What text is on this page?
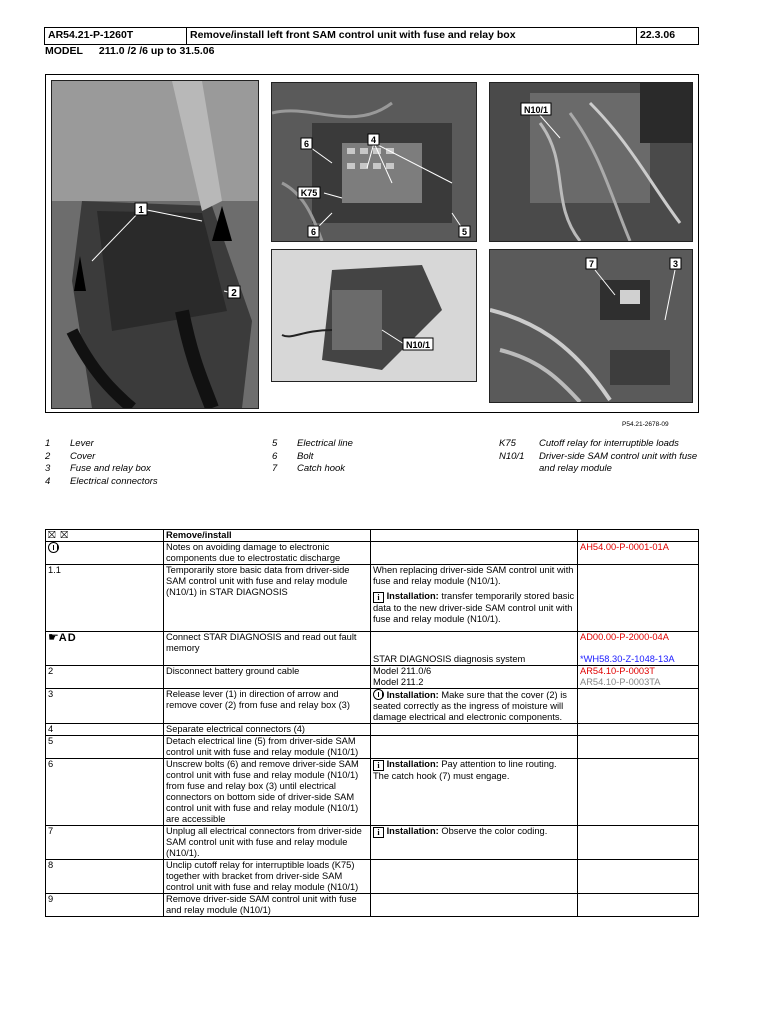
AR54.21-P-1260T	Remove/install left front SAM control unit with fuse and relay box	22.3.06
MODEL 211.0 /2 /6 up to 31.5.06
1
2
6	4
K75
6	5
N10/1
N10/1
7	3
P54.21-2678-09
1	Lever
2	Cover
3	Fuse and relay box
4	Electrical connectors
5	Electrical line
6	Bolt
7	Catch hook
K75	Cutoff relay for interruptible loads
N10/1	Driver-side SAM control unit with fuse and relay module
⛝ ⛝	Remove/install		
	Notes on avoiding damage to electronic components due to electrostatic discharge		AH54.00-P-0001-01A
1.1	Temporarily store basic data from driver-side SAM control unit with fuse and relay module (N10/1) in STAR DIAGNOSIS	When replacing driver-side SAM control unit with fuse and relay module (N10/1).
i Installation: transfer temporarily stored basic data to the new driver-side SAM control unit with fuse and relay module (N10/1).	

☛AD	Connect STAR DIAGNOSIS and read out fault memory		AD00.00-P-2000-04A
		STAR DIAGNOSIS diagnosis system	*WH58.30-Z-1048-13A
2	Disconnect battery ground cable	Model 211.0/6	AR54.10-P-0003T
		Model 211.2	AR54.10-P-0003TA
3	Release lever (1) in direction of arrow and remove cover (2) from fuse and relay box (3)	Installation: Make sure that the cover (2) is seated correctly as the ingress of moisture will damage electrical and electronic components.	
4	Separate electrical connectors (4)		
5	Detach electrical line (5) from driver-side SAM control unit with fuse and relay module (N10/1)		
6	Unscrew bolts (6) and remove driver-side SAM control unit with fuse and relay module (N10/1) from fuse and relay box (3) until electrical connectors on bottom side of driver-side SAM control unit with fuse and relay module (N10/1) are accessible	i Installation: Pay attention to line routing. The catch hook (7) must engage.	
7	Unplug all electrical connectors from driver-side SAM control unit with fuse and relay module (N10/1).	i Installation: Observe the color coding.	
8	Unclip cutoff relay for interruptible loads (K75) together with bracket from driver-side SAM control unit with fuse and relay module (N10/1)		
9	Remove driver-side SAM control unit with fuse and relay module (N10/1)		
